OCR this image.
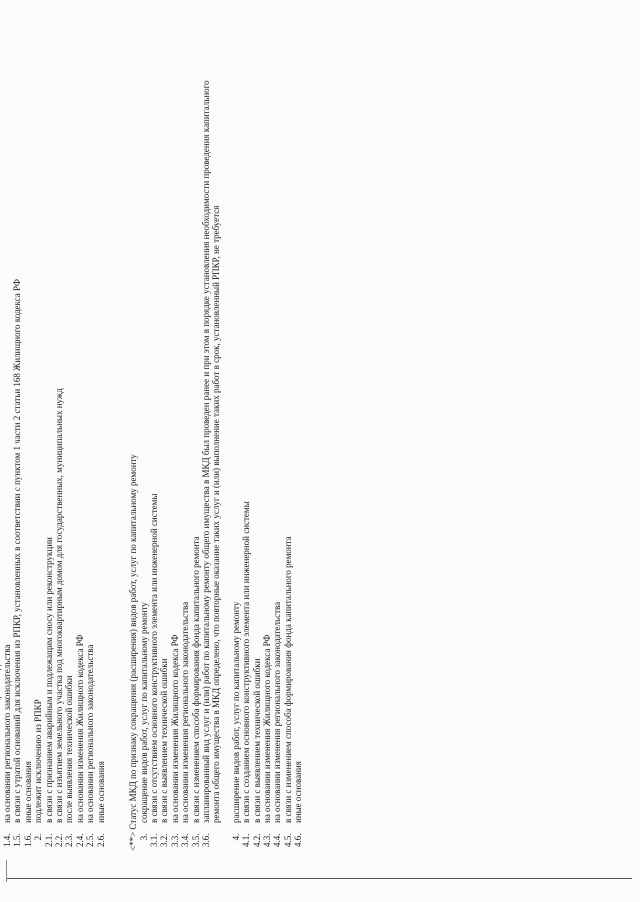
1.4.
на основании регионального законодательства
1.5.
в связи с утратой оснований для исключения из РПКР, установленных в соответствии с пунктом 1 части 2 статьи 168 Жилищного кодекса РФ
1.6.
иные основания
2.
подлежит исключению из РПКР
2.1.
в связи с признанием аварийным и подлежащим сносу или реконструкции
2.2.
в связи с изъятием земельного участка под многоквартирным домом для государственных, муниципальных нужд
2.3.
после выявления технической ошибки
2.4.
на основании изменения Жилищного кодекса РФ
2.5.
на основании регионального законодательства
2.6.
иные основания <**> Статус МКД по признаку сокращения (расширения) видов работ, услуг по капитальному ремонту 3.
сокращение видов работ, услуг по капитальному ремонту
3.1.
в связи с отсутствием основного конструктивного элемента или инженерной системы
3.2.
в связи с выявлением технической ошибки
3.3.
на основании изменения Жилищного кодекса РФ
3.4.
на основании изменения регионального законодательства
3.5.
в связи с изменением способа формирования фонда капитального ремонта
3.6.
запланированный вид услуг и (или) работ по капитальному ремонту общего имущества в МКД был проведен ранее и при этом в порядке установления необходимости проведения капитального ремонта общего имущества в МКД определено, что повторные оказание таких услуг и (или) выполнение таких работ в срок, установленный РПКР, не требуется
4.
расширение видов работ, услуг по капитальному ремонту
4.1.
в связи с созданием основного конструктивного элемента или инженерной системы
4.2.
в связи с выявлением технической ошибки
4.3.
на основании изменения Жилищного кодекса РФ
4.4.
на основании изменения регионального законодательства
4.5.
в связи с изменением способа формирования фонда капитального ремонта
4.6.
иные основания
